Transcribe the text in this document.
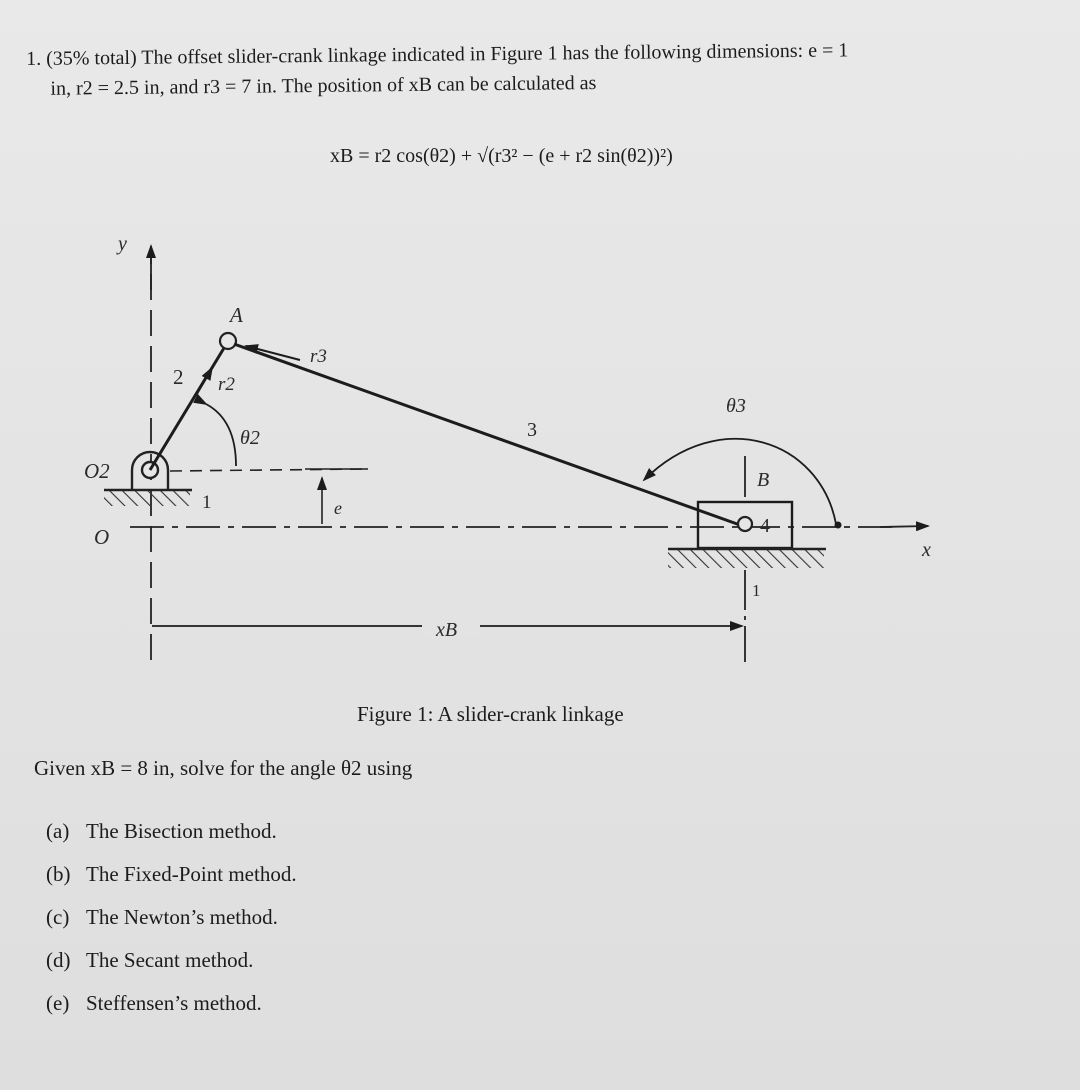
1. (35% total) The offset slider-crank linkage indicated in Figure 1 has the following dimensions: e = 1
in, r2 = 2.5 in, and r3 = 7 in. The position of xB can be calculated as
xB = r2 cos(θ2) + √(r3² − (e + r2 sin(θ2))²)
y
A
2 r2
θ2
O2
O
1	e
r3
3
θ3
B
4
1
xB
x
Figure 1: A slider-crank linkage
Given xB = 8 in, solve for the angle θ2 using
(a) The Bisection method.
(b) The Fixed-Point method.
(c) The Newton’s method.
(d) The Secant method.
(e) Steffensen’s method.
